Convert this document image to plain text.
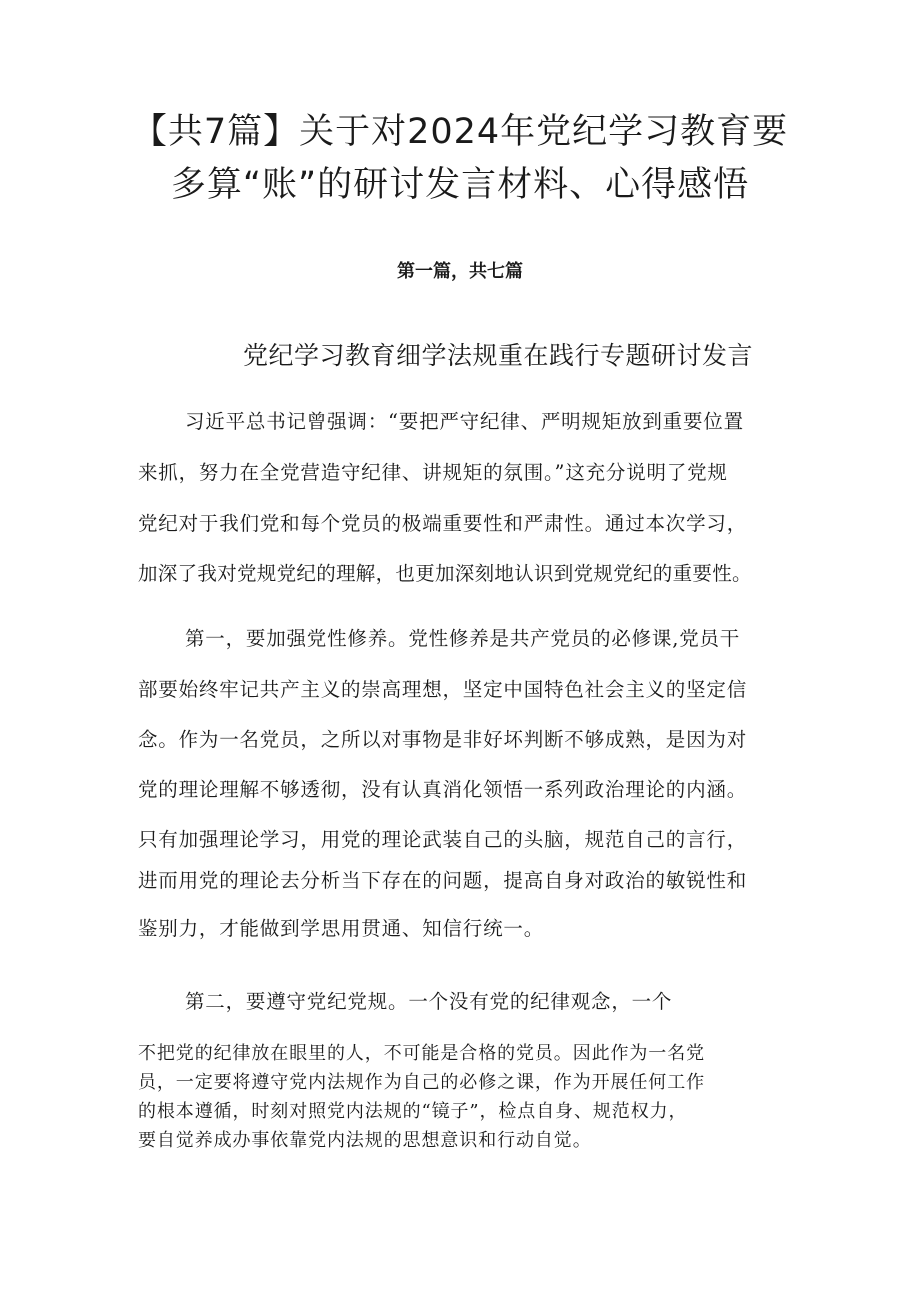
【共7篇】关于对2024年党纪学习教育要
多算“账”的研讨发言材料、心得感悟
第一篇，共七篇
党纪学习教育细学法规重在践行专题研讨发言
习近平总书记曾强调：“要把严守纪律、严明规矩放到重要位置
来抓，努力在全党营造守纪律、讲规矩的氛围。”这充分说明了党规
党纪对于我们党和每个党员的极端重要性和严肃性。通过本次学习，
加深了我对党规党纪的理解，也更加深刻地认识到党规党纪的重要性。
第一，要加强党性修养。党性修养是共产党员的必修课,党员干
部要始终牢记共产主义的崇高理想，坚定中国特色社会主义的坚定信
念。作为一名党员，之所以对事物是非好坏判断不够成熟，是因为对
党的理论理解不够透彻，没有认真消化领悟一系列政治理论的内涵。
只有加强理论学习，用党的理论武装自己的头脑，规范自己的言行，
进而用党的理论去分析当下存在的问题，提高自身对政治的敏锐性和
鉴别力，才能做到学思用贯通、知信行统一。
第二，要遵守党纪党规。一个没有党的纪律观念，一个
不把党的纪律放在眼里的人，不可能是合格的党员。因此作为一名党
员，一定要将遵守党内法规作为自己的必修之课，作为开展任何工作
的根本遵循，时刻对照党内法规的“镜子”，检点自身、规范权力，
要自觉养成办事依靠党内法规的思想意识和行动自觉。
